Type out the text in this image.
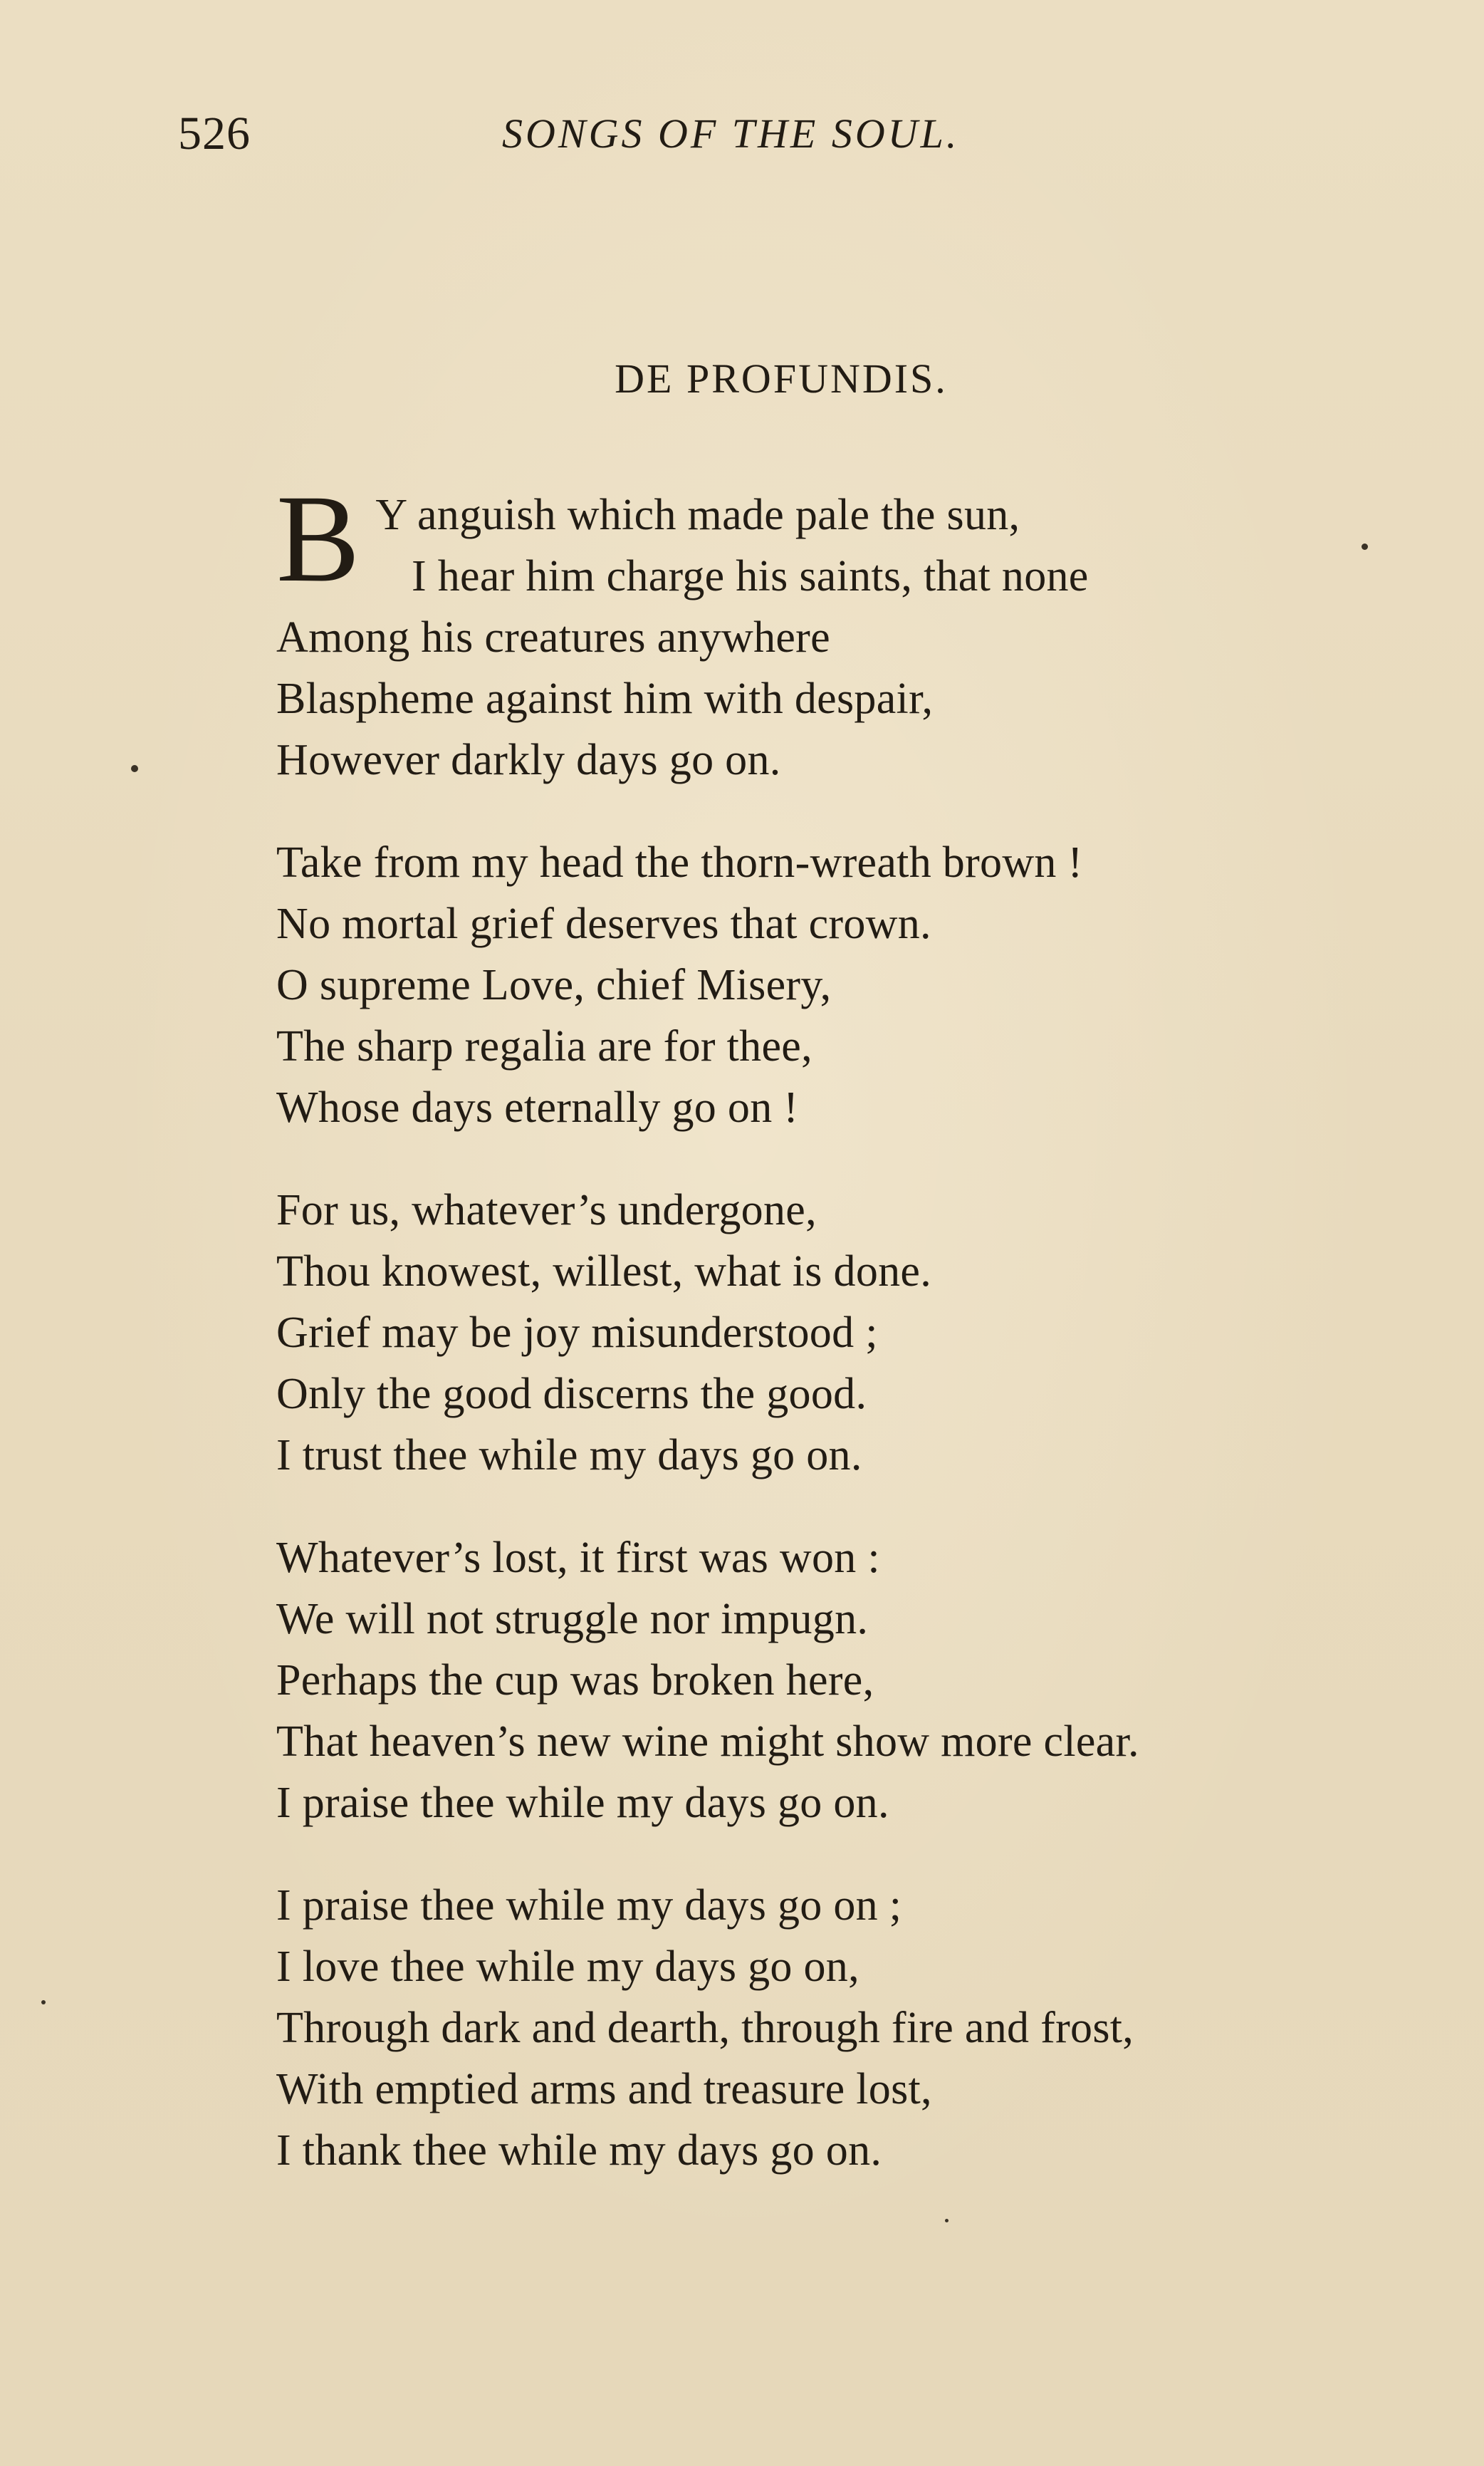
526	SONGS OF THE SOUL.
DE PROFUNDIS.
B Y anguish which made pale the sun,
I hear him charge his saints, that none
Among his creatures anywhere
Blaspheme against him with despair,
However darkly days go on.
Take from my head the thorn-wreath brown !
No mortal grief deserves that crown.
O supreme Love, chief Misery,
The sharp regalia are for thee,
Whose days eternally go on !
For us, whatever’s undergone,
Thou knowest, willest, what is done.
Grief may be joy misunderstood ;
Only the good discerns the good.
I trust thee while my days go on.
Whatever’s lost, it first was won :
We will not struggle nor impugn.
Perhaps the cup was broken here,
That heaven’s new wine might show more clear.
I praise thee while my days go on.
I praise thee while my days go on ;
I love thee while my days go on,
Through dark and dearth, through fire and frost,
With emptied arms and treasure lost,
I thank thee while my days go on.
